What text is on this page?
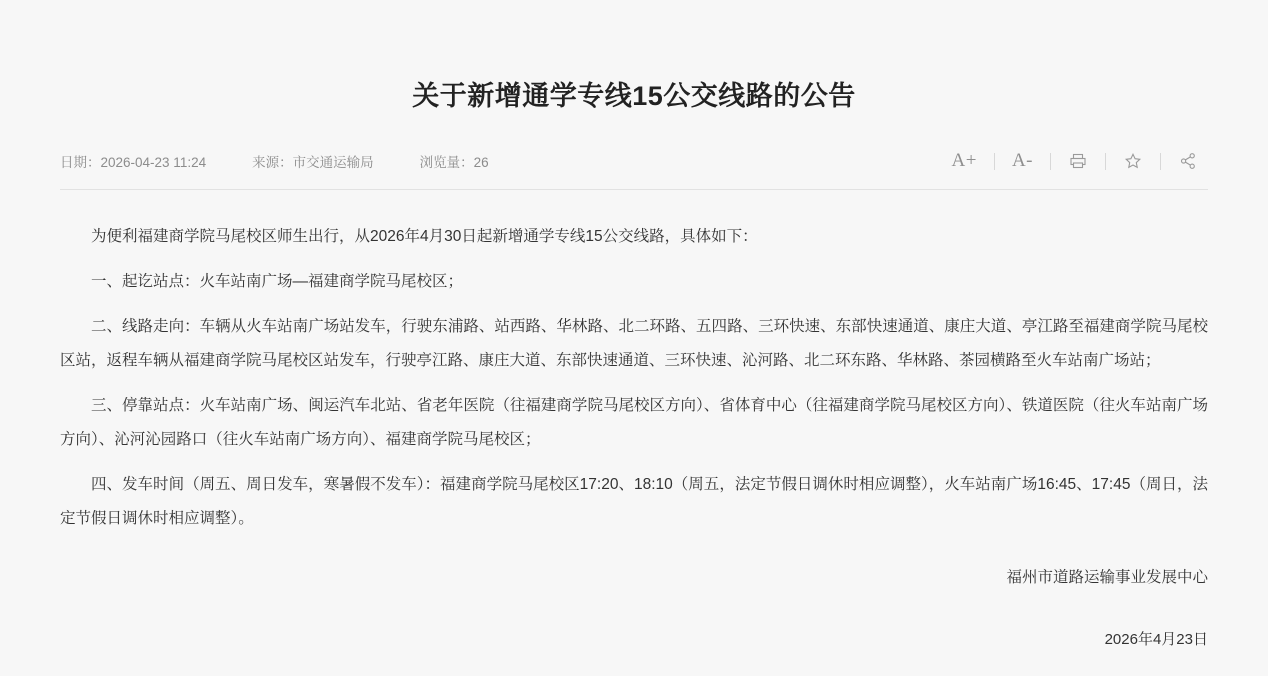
关于新增通学专线15公交线路的公告
日期：2026-04-23 11:24	来源：市交通运输局	浏览量：26	A+	A-

为便利福建商学院马尾校区师生出行，从2026年4月30日起新增通学专线15公交线路，具体如下：

一、起讫站点：火车站南广场—福建商学院马尾校区；

二、线路走向：车辆从火车站南广场站发车，行驶东浦路、站西路、华林路、北二环路、五四路、三环快速、东部快速通道、康庄大道、亭江路至福建商学院马尾校区站，返程车辆从福建商学院马尾校区站发车，行驶亭江路、康庄大道、东部快速通道、三环快速、沁河路、北二环东路、华林路、茶园横路至火车站南广场站；

三、停靠站点：火车站南广场、闽运汽车北站、省老年医院（往福建商学院马尾校区方向）、省体育中心（往福建商学院马尾校区方向）、铁道医院（往火车站南广场方向）、沁河沁园路口（往火车站南广场方向）、福建商学院马尾校区；

四、发车时间（周五、周日发车，寒暑假不发车）：福建商学院马尾校区17:20、18:10（周五，法定节假日调休时相应调整），火车站南广场16:45、17:45（周日，法定节假日调休时相应调整）。

福州市道路运输事业发展中心
2026年4月23日
